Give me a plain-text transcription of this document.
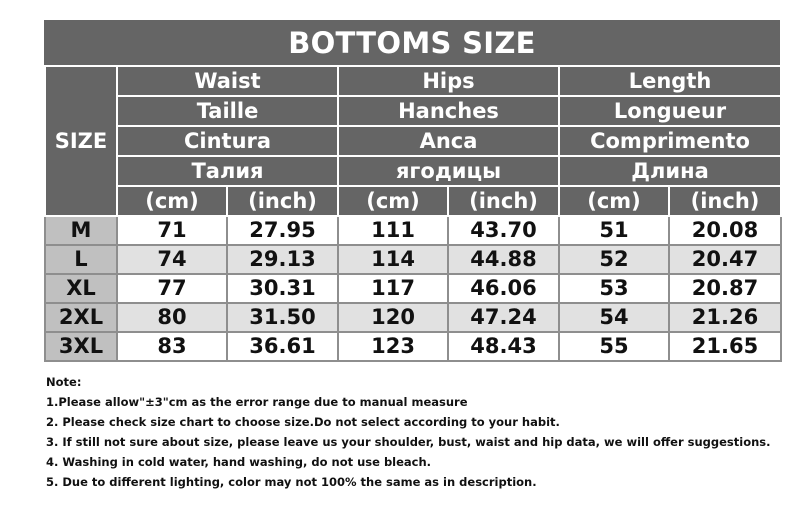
BOTTOMS SIZE
SIZE	Waist		Hips		Length	
	Taille		Hanches		Longueur	
	Cintura		Anca		Comprimento	
	Талия		ягодицы		Длина	
	(cm)	(inch)	(cm)	(inch)	(cm)	(inch)
M	71	27.95	111	43.70	51	20.08
L	74	29.13	114	44.88	52	20.47
XL	77	30.31	117	46.06	53	20.87
2XL	80	31.50	120	47.24	54	21.26
3XL	83	36.61	123	48.43	55	21.65
Note:
1.Please allow"±3"cm as the error range due to manual measure
2. Please check size chart to choose size.Do not select according to your habit.
3. If still not sure about size, please leave us your shoulder, bust, waist and hip data, we will offer suggestions.
4. Washing in cold water, hand washing, do not use bleach.
5. Due to different lighting, color may not 100% the same as in description.
